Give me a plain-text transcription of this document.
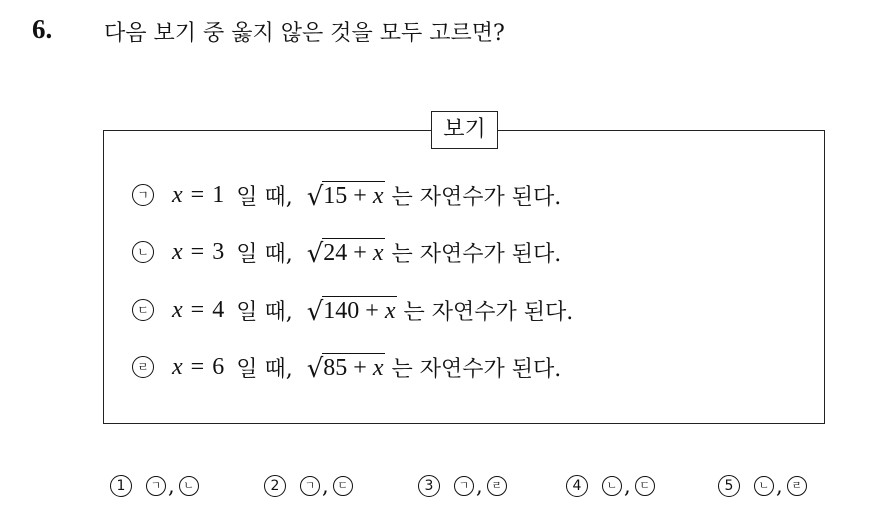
6. 다음 보기 중 옳지 않은 것을 모두 고르면?
보기
ㄱ x = 1 일 때, √ 15 + x 는 자연수가 된다.
ㄴ x = 3 일 때, √ 24 + x 는 자연수가 된다.
ㄷ x = 4 일 때, √ 140 + x 는 자연수가 된다.
ㄹ x = 6 일 때, √ 85 + x 는 자연수가 된다.
1	ㄱ , ㄴ	2	ㄱ , ㄷ	3	ㄱ , ㄹ	4	ㄴ , ㄷ	5	ㄴ , ㄹ
